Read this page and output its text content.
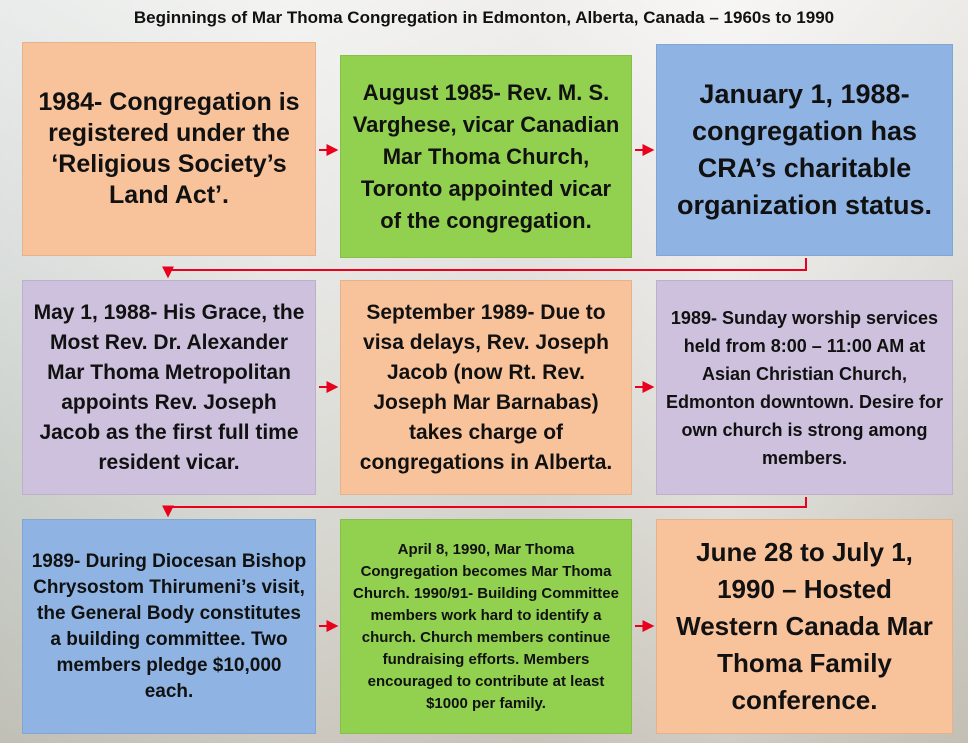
Beginnings of Mar Thoma Congregation in Edmonton, Alberta, Canada – 1960s to 1990
1984- Congregation is registered under the ‘Religious Society’s Land Act’.
August 1985- Rev. M. S. Varghese, vicar Canadian Mar Thoma Church, Toronto appointed vicar of the congregation.
January 1, 1988- congregation has CRA’s charitable organization status.
May 1, 1988- His Grace, the Most Rev. Dr. Alexander Mar Thoma Metropolitan appoints Rev. Joseph Jacob as the first full time resident vicar.
September 1989- Due to visa delays, Rev. Joseph Jacob (now Rt. Rev. Joseph Mar Barnabas) takes charge of congregations in Alberta.
1989- Sunday worship services held from 8:00 – 11:00 AM at Asian Christian Church, Edmonton downtown. Desire for own church is strong among members.
1989- During Diocesan Bishop Chrysostom Thirumeni’s visit, the General Body constitutes a building committee. Two members pledge $10,000 each.
April 8, 1990, Mar Thoma Congregation becomes Mar Thoma Church. 1990/91- Building Committee members work hard to identify a church. Church members continue fundraising efforts. Members encouraged to contribute at least $1000 per family.
June 28 to July 1, 1990 – Hosted Western Canada Mar Thoma Family conference.
